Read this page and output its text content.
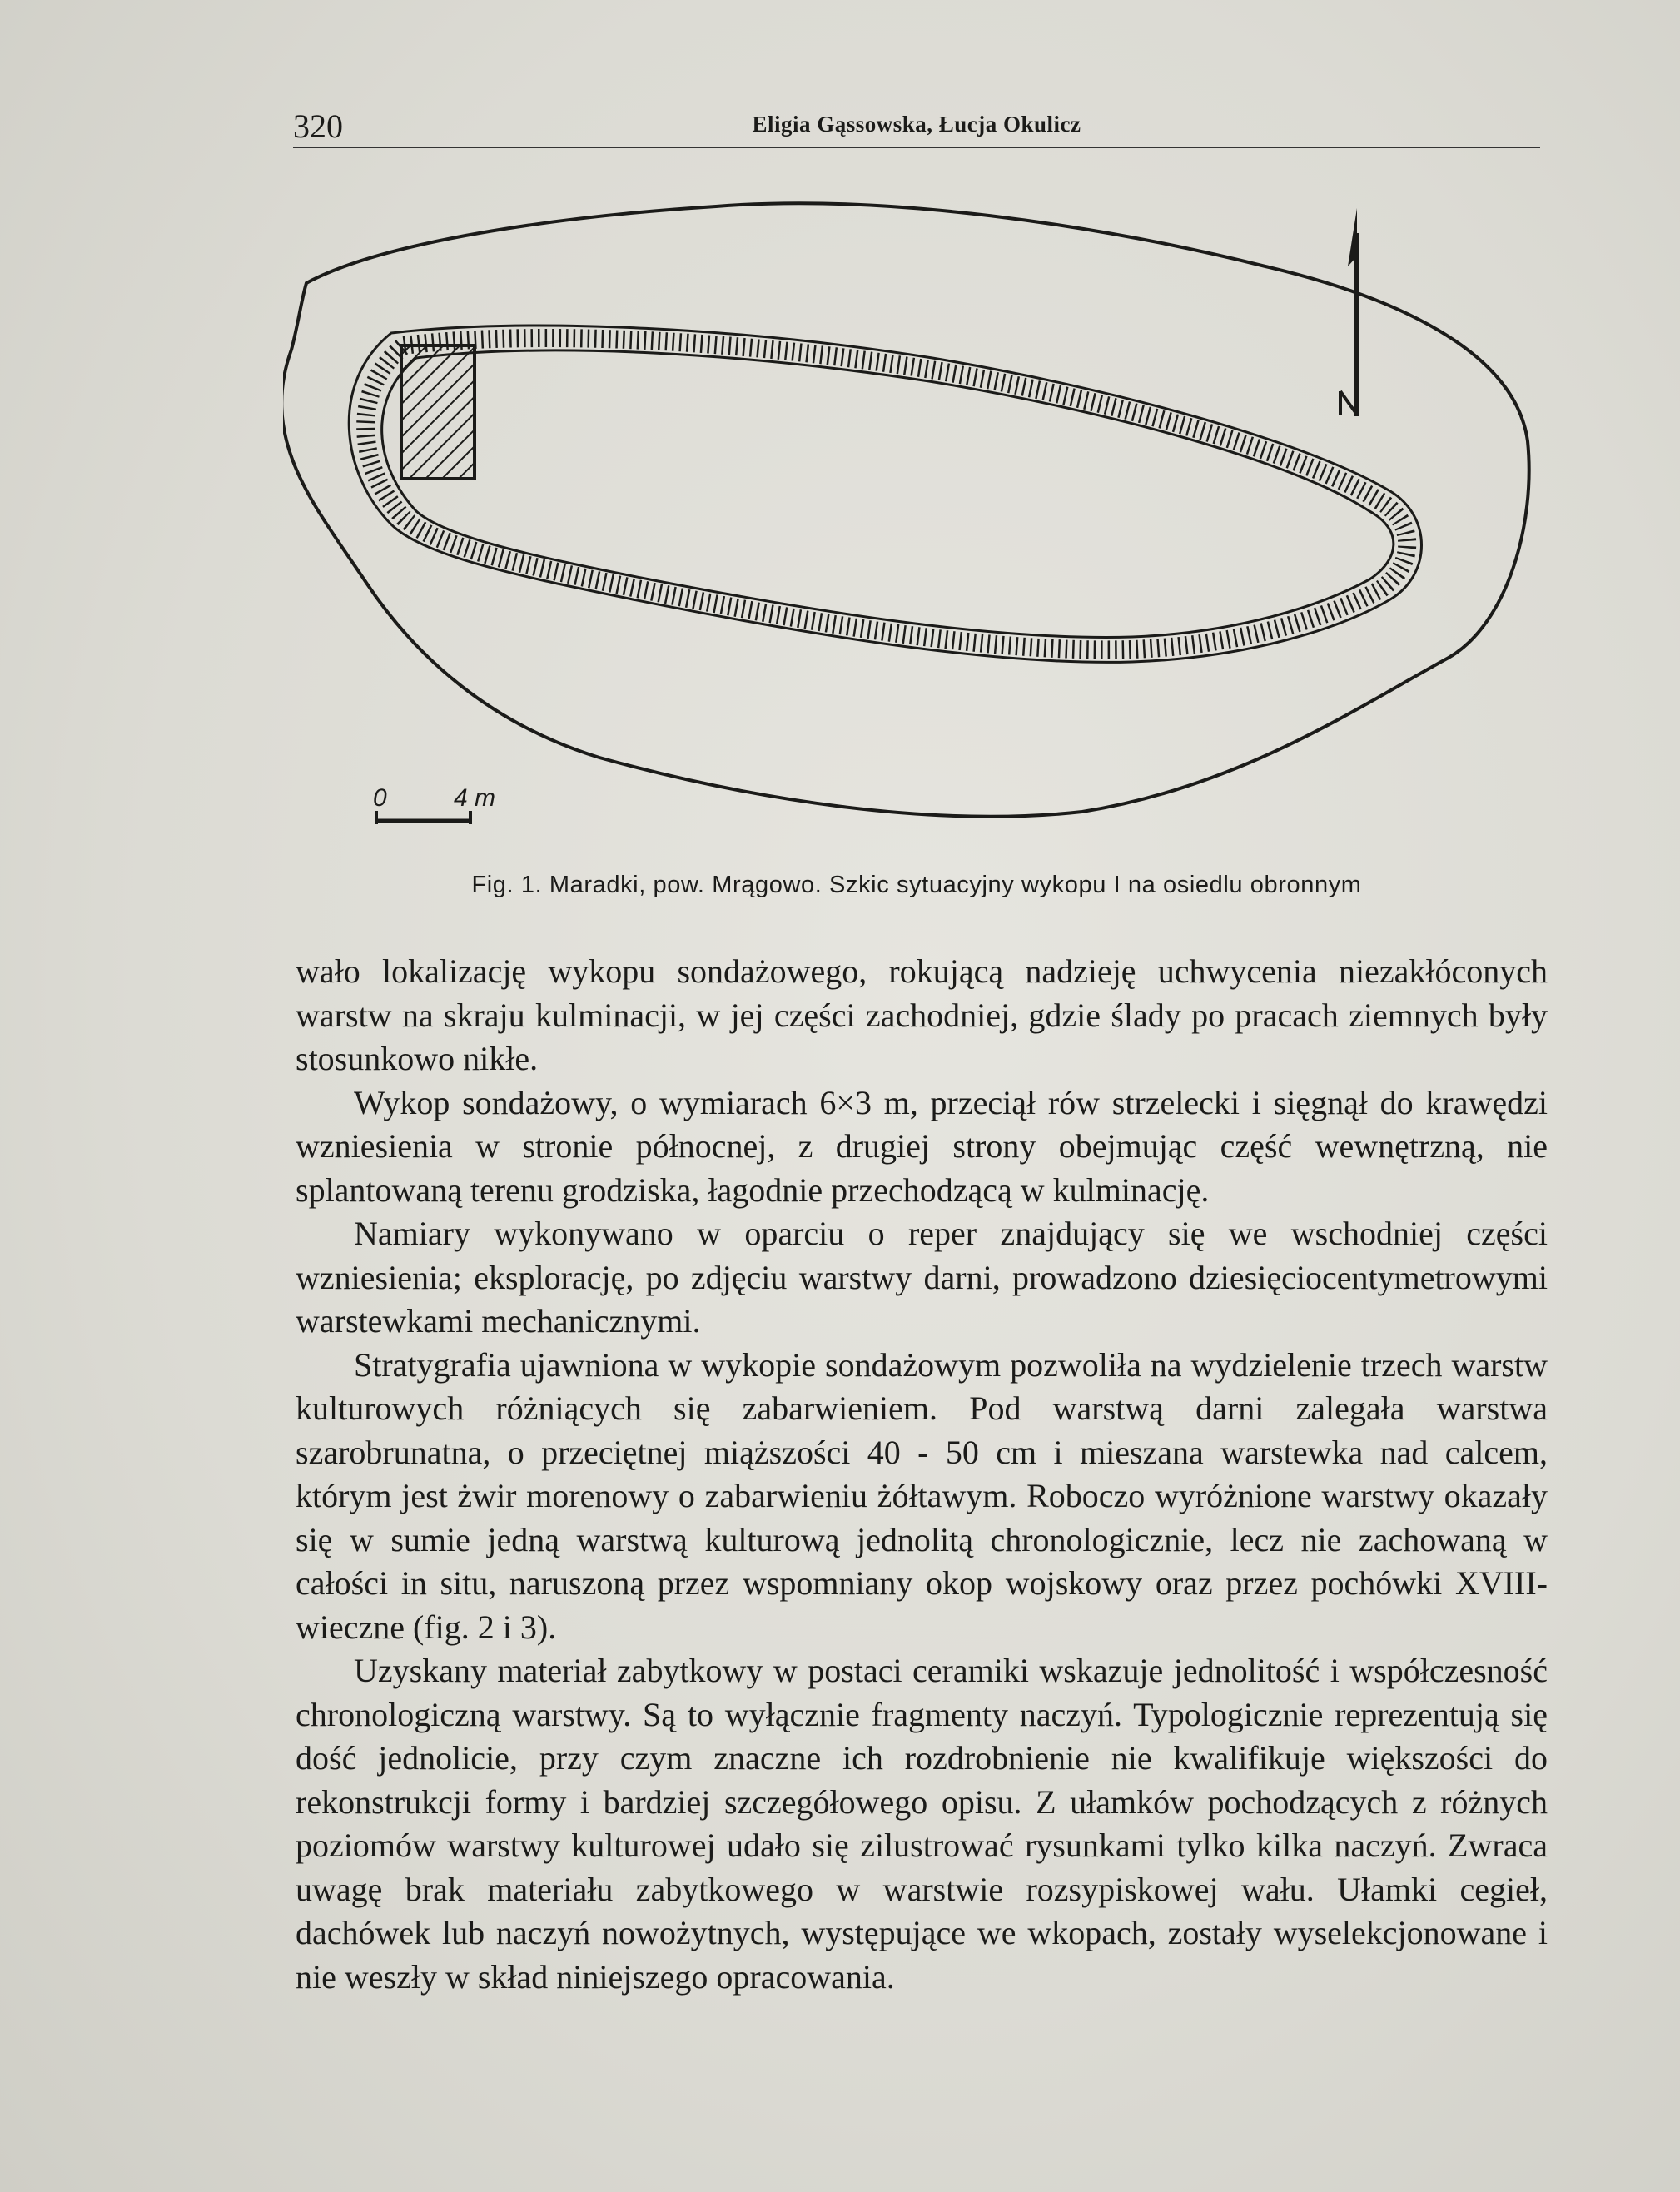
320	Eligia Gąssowska, Łucja Okulicz
0	4 m
Fig. 1. Maradki, pow. Mrągowo. Szkic sytuacyjny wykopu I na osiedlu obronnym

wało lokalizację wykopu sondażowego, rokującą nadzieję uchwycenia niezakłóconych warstw na skraju kulminacji, w jej części zachodniej, gdzie ślady po pracach ziemnych były stosunkowo nikłe.

Wykop sondażowy, o wymiarach 6×3 m, przeciął rów strzelecki i sięgnął do krawędzi wzniesienia w stronie północnej, z drugiej strony obejmując część wewnętrzną, nie splantowaną terenu grodziska, łagodnie przechodzącą w kulminację.

Namiary wykonywano w oparciu o reper znajdujący się we wschodniej części wzniesienia; eksplorację, po zdjęciu warstwy darni, prowadzono dziesięciocentymetrowymi warstewkami mechanicznymi.

Stratygrafia ujawniona w wykopie sondażowym pozwoliła na wydzielenie trzech warstw kulturowych różniących się zabarwieniem. Pod warstwą darni zalegała warstwa szarobrunatna, o przeciętnej miąższości 40 - 50 cm i mieszana warstewka nad calcem, którym jest żwir morenowy o zabarwieniu żółtawym. Roboczo wyróżnione warstwy okazały się w sumie jedną warstwą kulturową jednolitą chronologicznie, lecz nie zachowaną w całości in situ, naruszoną przez wspomniany okop wojskowy oraz przez pochówki XVIII-wieczne (fig. 2 i 3).

Uzyskany materiał zabytkowy w postaci ceramiki wskazuje jednolitość i współczesność chronologiczną warstwy. Są to wyłącznie fragmenty naczyń. Typologicznie reprezentują się dość jednolicie, przy czym znaczne ich rozdrobnienie nie kwalifikuje większości do rekonstrukcji formy i bardziej szczegółowego opisu. Z ułamków pochodzących z różnych poziomów warstwy kulturowej udało się zilustrować rysunkami tylko kilka naczyń. Zwraca uwagę brak materiału zabytkowego w warstwie rozsypiskowej wału. Ułamki cegieł, dachówek lub naczyń nowożytnych, występujące we wkopach, zostały wyselekcjonowane i nie weszły w skład niniejszego opracowania.
